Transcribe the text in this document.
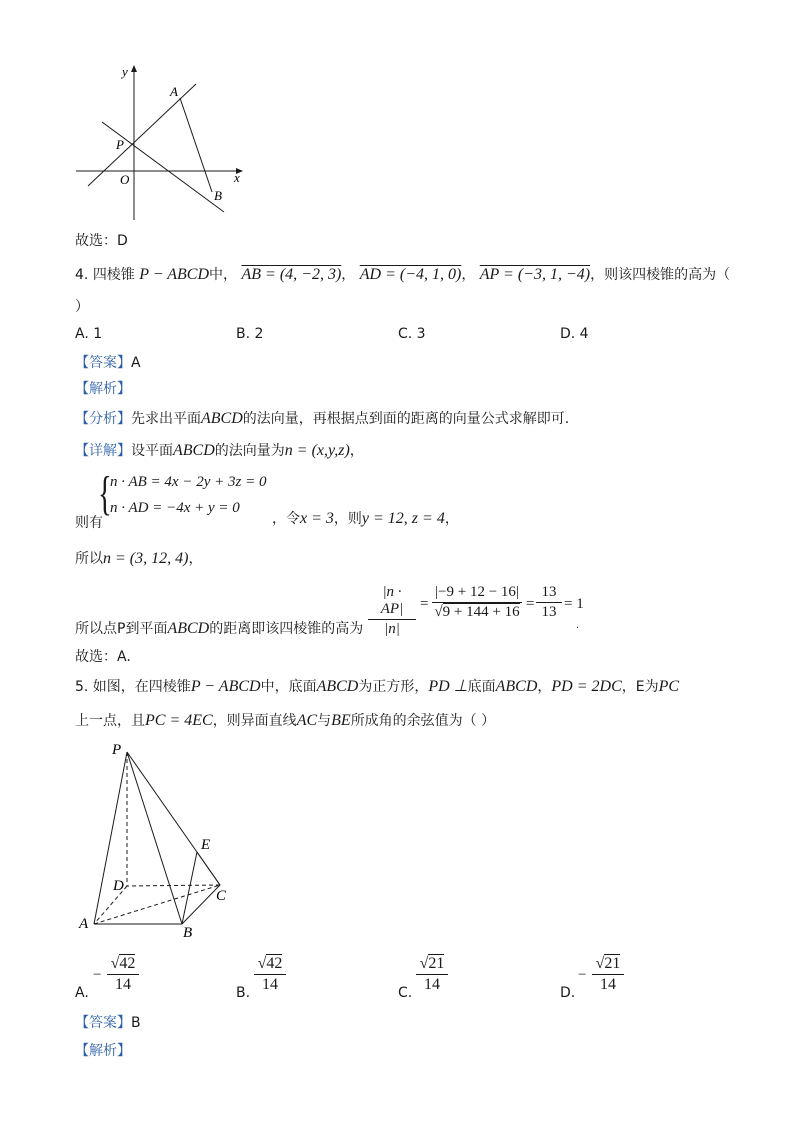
y
x
O
P
A
B
故选：D
4. 四棱锥 P − ABCD中， AB = (4, −2, 3)， AD = (−4, 1, 0)， AP = (−3, 1, −4)，则该四棱锥的高为（
）
A. 1	B. 2	C. 3	D. 4
【答案】A
【解析】
【分析】先求出平面ABCD的法向量，再根据点到面的距离的向量公式求解即可.
【详解】设平面ABCD的法向量为n = (x,y,z)，
{
n · AB = 4x − 2y + 3z = 0
n · AD = −4x + y = 0
则有	，令x = 3，则y = 12, z = 4，
所以n = (3, 12, 4)，
所以点P到平面ABCD的距离即该四棱锥的高为 $\frac{|n \cdot AP|}{|n|} = \frac{|-9 + 12 - 16|}{√9 + 144 + 16} = \frac{13}{13} = 1$
.
故选：A.
5. 如图，在四棱锥P − ABCD中，底面ABCD为正方形，PD ⊥底面ABCD，PD = 2DC，E为PC
上一点，且PC = 4EC，则异面直线AC与BE所成角的余弦值为（ ）
P
E
D
C
A
B
A.
− $\frac{√42}{14}$	B. $\frac{√42}{14}$	C. $\frac{√21}{14}$	D.
− $\frac{√21}{14}$
【答案】B
【解析】
